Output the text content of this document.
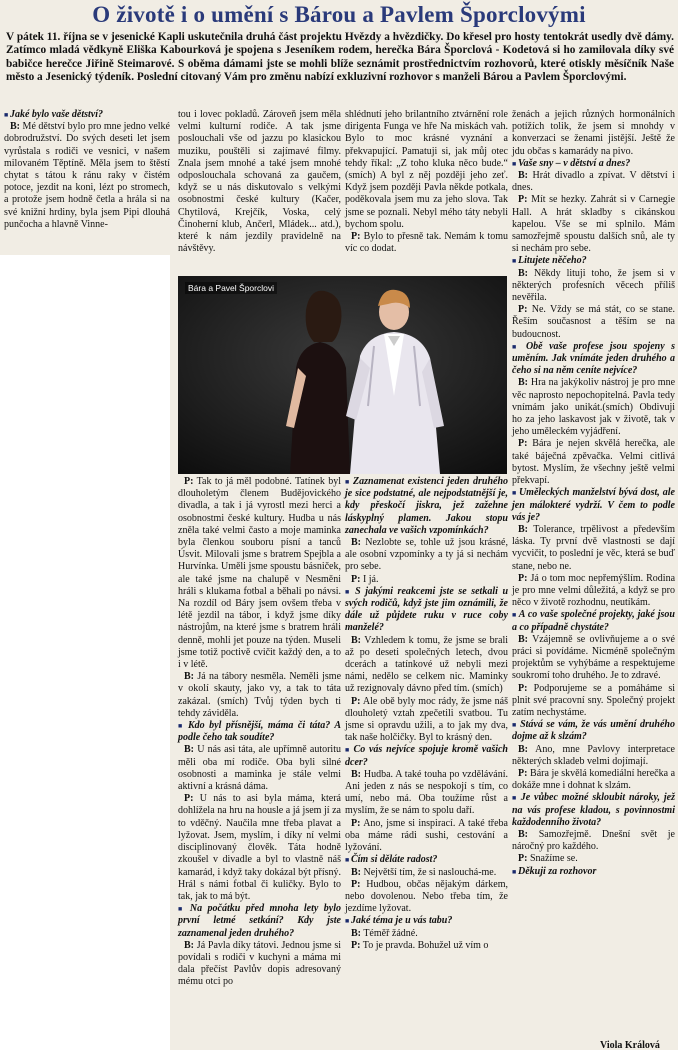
O životě i o umění s Bárou a Pavlem Šporclovými
V pátek 11. října se v jesenické Kapli uskutečnila druhá část projektu Hvězdy a hvězdičky. Do křesel pro hosty tentokrát usedly dvě dámy. Zatímco mladá vědkyně Eliška Kabourková je spojena s Jeseníkem rodem, herečka Bára Šporclová - Kodetová si ho zamilovala díky své babičce herečce Jiřině Steimarové. S oběma dámami jste se mohli blíže seznámit prostřednictvím rozhovorů, které otiskly měsíčník Naše město a Jesenický týdeník. Poslední citovaný Vám pro změnu nabízí exkluzivní rozhovor s manželi Bárou a Pavlem Šporclovými.

■ Jaké bylo vaše dětství?

B: Mé dětství bylo pro mne jedno velké dobrodružství. Do svých deseti let jsem vyrůstala s rodiči ve vesnici, v našem milovaném Těptíně. Měla jsem to štěstí chytat s tátou k ránu raky v čistém potoce, jezdit na koni, lézt po stromech, a protože jsem hodně četla a hrála si na své knižní hrdiny, byla jsem Pipi dlouhá punčocha a hlavně Vinne-

tou i lovec pokladů. Zároveň jsem měla velmi kulturní rodiče. A tak jsme poslouchali vše od jazzu po klasickou muziku, pouštěli si zajímavé filmy. Znala jsem mnohé a také jsem mnohé odposlouchala schovaná za gaučem, když se u nás diskutovalo s velkými osobnostmi české kultury (Kačer, Chytilová, Krejčík, Voska, celý Činoherní klub, Ančerl, Mládek... atd.), které k nám jezdily pravidelně na návštěvy.

P: Tak to já měl podobné. Tatínek byl dlouholetým členem Budějovického divadla, a tak i já vyrostl mezi herci a osobnostmi české kultury. Hudba u nás zněla také velmi často a moje maminka byla členkou souboru písní a tanců Úsvit. Milovali jsme s bratrem Spejbla a Hurvínka. Uměli jsme spoustu básniček, ale také jsme na chalupě v Nesměni hráli s klukama fotbal a běhali po návsi. Na rozdíl od Báry jsem ovšem třeba v létě jezdil na tábor, i když jsme díky nástrojům, na které jsme s bratrem hráli denně, mohli jet pouze na týden. Museli jsme totiž poctivě cvičit každý den, a to i v létě.

B: Já na tábory nesměla. Neměli jsme v okolí skauty, jako vy, a tak to táta zakázal. (smích) Tvůj týden bych ti tehdy záviděla.

■ Kdo byl přísnější, máma či táta? A podle čeho tak soudíte?

B: U nás asi táta, ale upřímně autoritu měli oba mí rodiče. Oba byli silné osobnosti a maminka je stále velmi aktivní a krásná dáma.

P: U nás to asi byla máma, která dohlížela na hru na housle a já jsem jí za to vděčný. Naučila mne třeba plavat a lyžovat. Jsem, myslím, i díky ní velmi disciplinovaný člověk. Táta hodně zkoušel v divadle a byl to vlastně náš kamarád, i když taky dokázal být přísný. Hrál s námi fotbal či kuličky. Bylo to tak, jak to má být.

■ Na počátku před mnoha lety bylo první letmé setkání? Kdy jste zaznamenal jeden druhého?

B: Já Pavla díky tátovi. Jednou jsme si povídali s rodiči v kuchyni a máma mi dala přečíst Pavlův dopis adresovaný mému otci po

shlédnutí jeho brilantního ztvárnění role dirigenta Funga ve hře Na miskách vah. Bylo to moc krásné vyznání a překvapující. Pamatuji si, jak můj otec tehdy říkal: „Z toho kluka něco bude.“ (smích) A byl z něj později jeho zeť. Když jsem později Pavla někde potkala, poděkovala jsem mu za jeho slova. Tak jsme se poznali. Nebyl mého táty nebyli bychom spolu.

P: Bylo to přesně tak. Nemám k tomu víc co dodat.

■ Zaznamenat existenci jeden druhého je sice podstatné, ale nejpodstatnější je, kdy přeskočí jiskra, jež zažehne láskyplný plamen. Jakou stopu zanechala ve vašich vzpomínkách?

B: Nezlobte se, tohle už jsou krásné, ale osobní vzpomínky a ty já si nechám pro sebe.

P: I já.

■ S jakými reakcemi jste se setkali u svých rodičů, když jste jim oznámili, že dále už půjdete ruku v ruce coby manželé?

B: Vzhledem k tomu, že jsme se brali až po deseti společných letech, dvou dcerách a tatínkové už nebyli mezi námi, nedělo se celkem nic. Maminky už rezignovaly dávno před tím. (smích)

P: Ale obě byly moc rády, že jsme náš dlouholetý vztah zpečetili svatbou. Tu jsme si opravdu užili, a to jak my dva, tak naše holčičky. Byl to krásný den.

■ Co vás nejvíce spojuje kromě vašich dcer?

B: Hudba. A také touha po vzdělávání. Ani jeden z nás se nespokojí s tím, co umí, nebo má. Oba toužíme růst a myslím, že se nám to spolu daří.

P: Ano, jsme si inspirací. A také třeba oba máme rádi sushi, cestování a lyžování.

■ Čím si děláte radost?

B: Největší tím, že si naslouchá-me.

P: Hudbou, občas nějakým dárkem, nebo dovolenou. Nebo třeba tím, že jezdíme lyžovat.

■ Jaké téma je u vás tabu?

B: Téměř žádné.

P: To je pravda. Bohužel už vím o

ženách a jejich různých hormonálních potížích tolik, že jsem si mnohdy v konverzaci se ženami jistější. Ještě že jdu občas s kamarády na pivo.

■ Vaše sny – v dětství a dnes?

B: Hrát divadlo a zpívat. V dětství i dnes.

P: Mít se hezky. Zahrát si v Carnegie Hall. A hrát skladby s cikánskou kapelou. Vše se mi splnilo. Mám samozřejmě spoustu dalších snů, ale ty si nechám pro sebe.

■ Litujete něčeho?

B: Někdy lituji toho, že jsem si v některých profesních věcech příliš nevěřila.

P: Ne. Vždy se má stát, co se stane. Řeším současnost a těším se na budoucnost.

■ Obě vaše profese jsou spojeny s uměním. Jak vnímáte jeden druhého a čeho si na něm ceníte nejvíce?

B: Hra na jakýkoliv nástroj je pro mne věc naprosto nepochopitelná. Pavla tedy vnímám jako unikát.(smích) Obdivuji ho za jeho laskavost jak v životě, tak v jeho uměleckém vyjádření.

P: Bára je nejen skvělá herečka, ale také báječná zpěvačka. Velmi citlivá bytost. Myslím, že všechny ještě velmi překvapí.

■ Uměleckých manželství bývá dost, ale jen málokteré vydrží. V čem to podle vás je?

B: Tolerance, trpělivost a především láska. Ty první dvě vlastnosti se dají vycvičit, to poslední je věc, která se buď stane, nebo ne.

P: Já o tom moc nepřemýšlím. Rodina je pro mne velmi důležitá, a když se pro něco v životě rozhodnu, neutíkám.

■ A co vaše společné projekty, jaké jsou a co případně chystáte?

B: Vzájemně se ovlivňujeme a o své práci si povídáme. Nicméně společným projektům se vyhýbáme a respektujeme soukromí toho druhého. Je to zdravé.

P: Podporujeme se a pomáháme si plnit své pracovní sny. Společný projekt zatím nechystáme.

■ Stává se vám, že vás umění druhého dojme až k slzám?

B: Ano, mne Pavlovy interpretace některých skladeb velmi dojímají.

P: Bára je skvělá komediální herečka a dokáže mne i dohnat k slzám.

■ Je vůbec možné skloubit nároky, jež na vás profese kladou, s povinnostmi každodenního života?

B: Samozřejmě. Dnešní svět je náročný pro každého.

P: Snažíme se.

■ Děkuji za rozhovor

Bára a Pavel Šporclovi
Viola Králová
